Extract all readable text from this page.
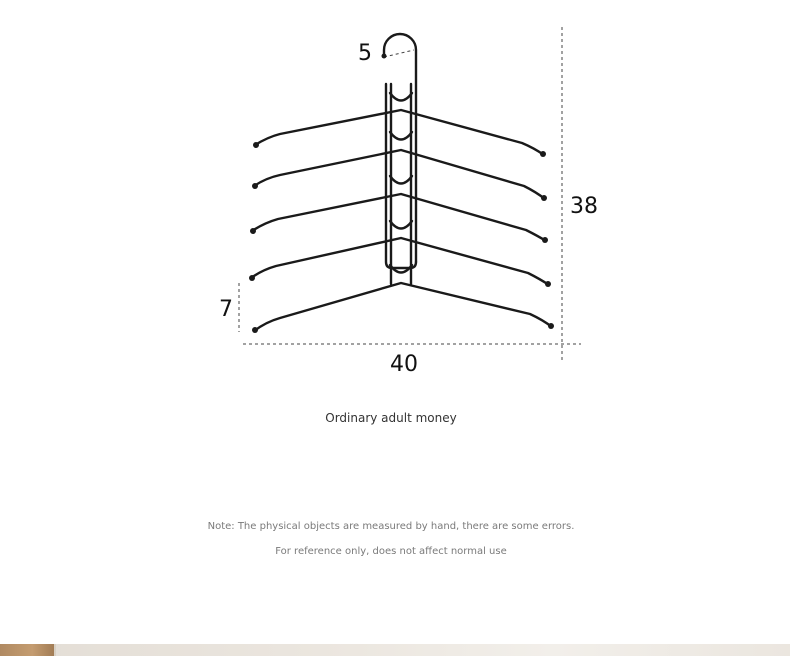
5
38
7
40
Ordinary adult money
Note: The physical objects are measured by hand, there are some errors.
For reference only, does not affect normal use
